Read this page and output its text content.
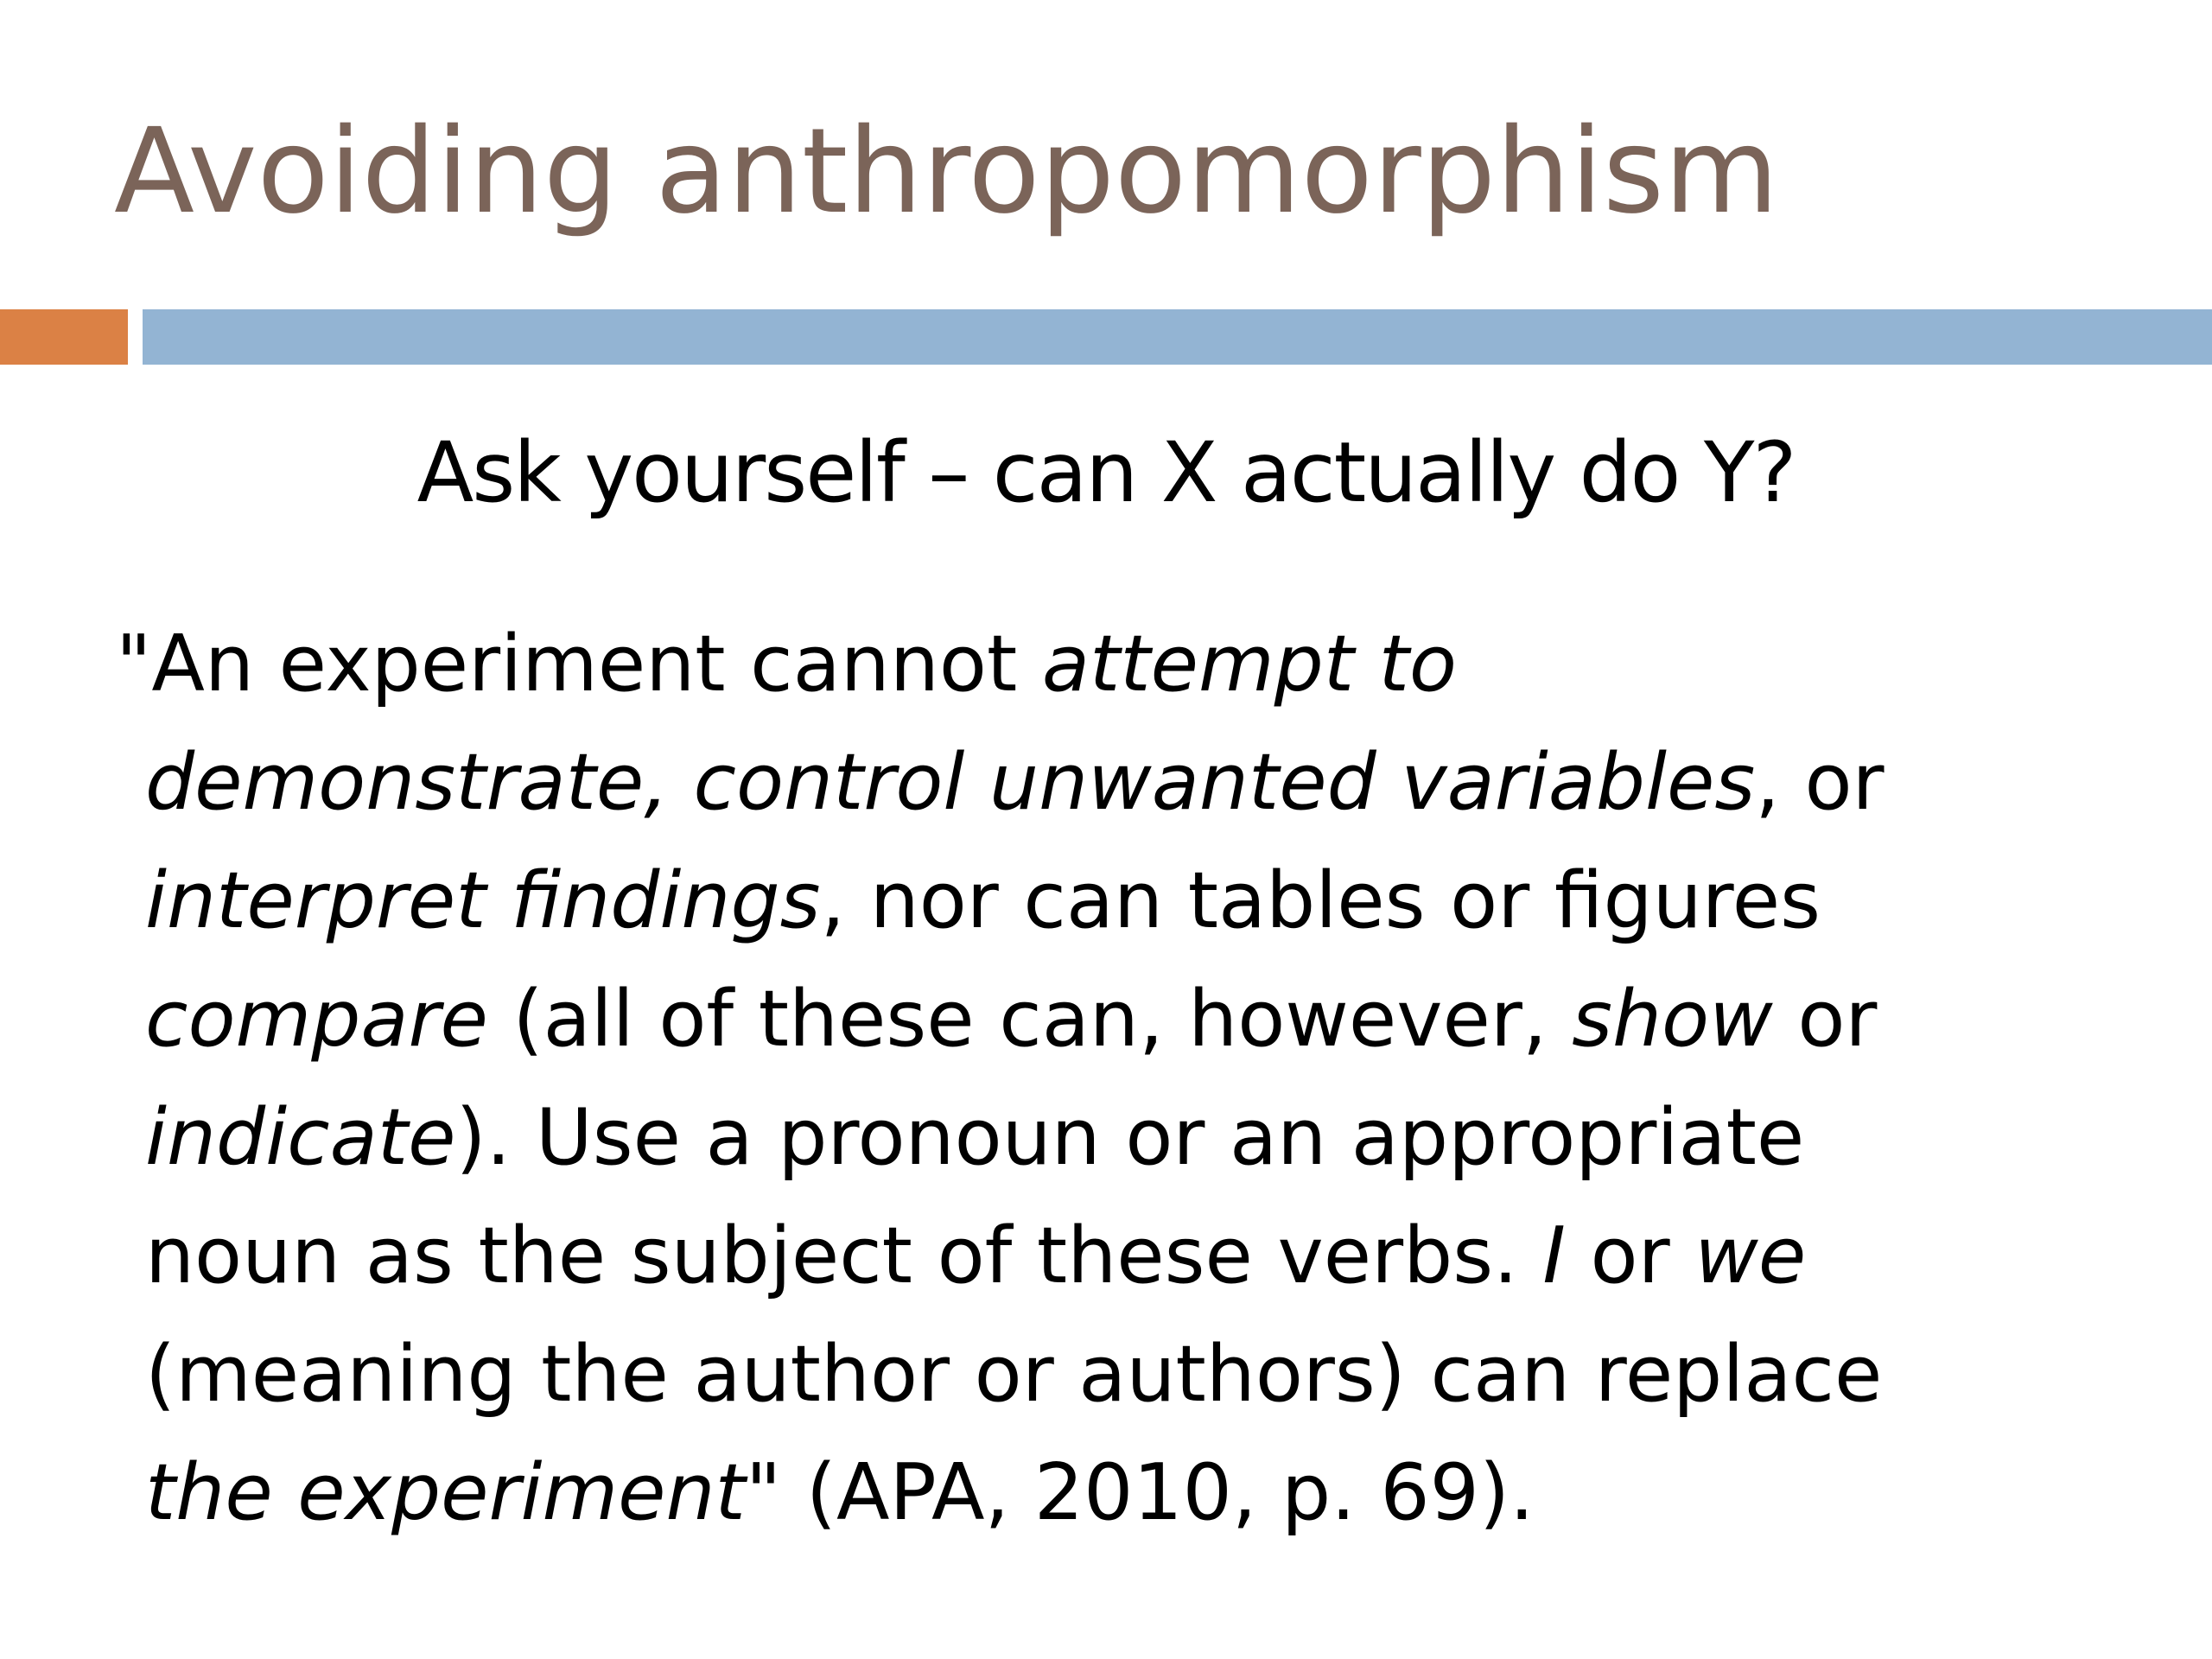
Avoiding anthropomorphism
Ask yourself – can X actually do Y?
"An experiment cannot attempt to
demonstrate, control unwanted variables, or
interpret findings, nor can tables or figures
compare (all of these can, however, show or
indicate). Use a pronoun or an appropriate
noun as the subject of these verbs. I or we
(meaning the author or authors) can replace
the experiment" (APA, 2010, p. 69).
